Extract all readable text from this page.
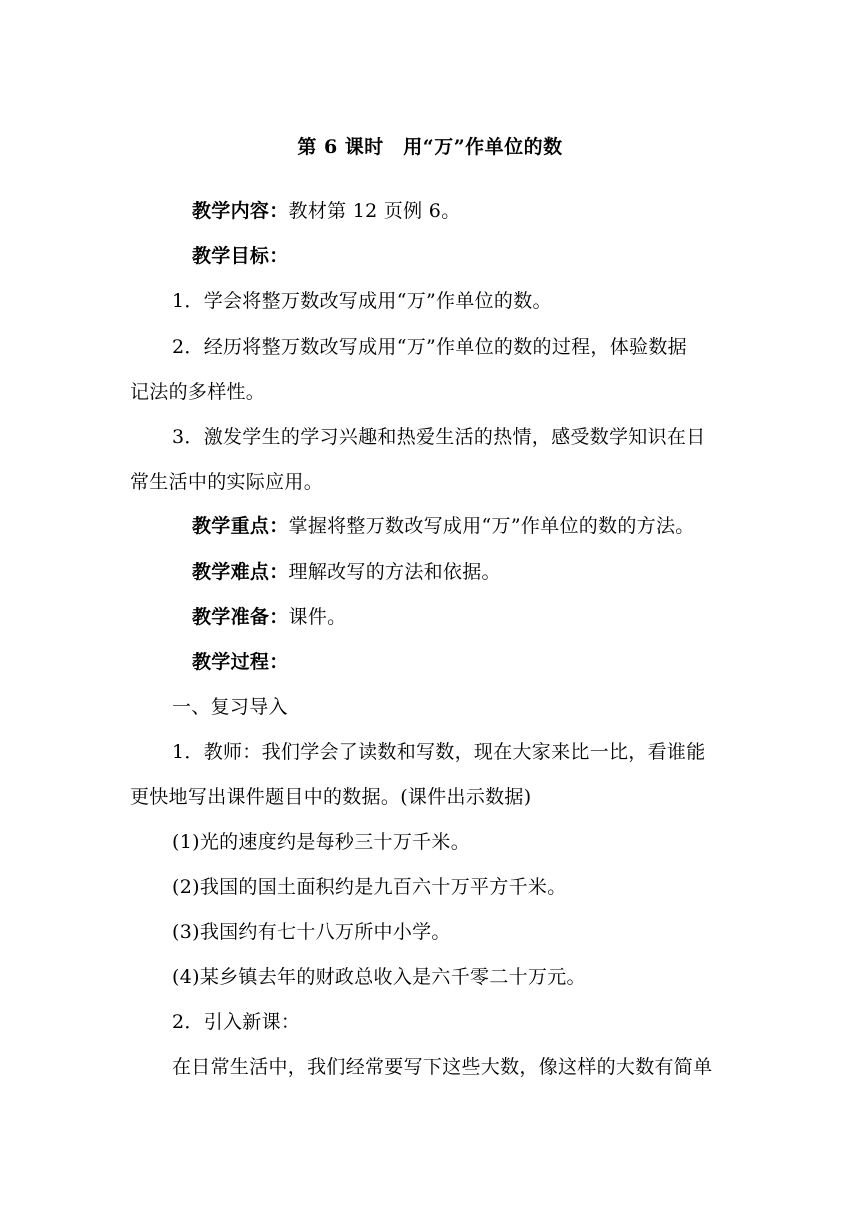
第 6 课时　用“万”作单位的数
教学内容：教材第 12 页例 6。
教学目标：
1．学会将整万数改写成用“万”作单位的数。
2．经历将整万数改写成用“万”作单位的数的过程，体验数据
记法的多样性。
3．激发学生的学习兴趣和热爱生活的热情，感受数学知识在日
常生活中的实际应用。
教学重点：掌握将整万数改写成用“万”作单位的数的方法。
教学难点：理解改写的方法和依据。
教学准备：课件。
教学过程：
一、复习导入
1．教师：我们学会了读数和写数，现在大家来比一比，看谁能
更快地写出课件题目中的数据。(课件出示数据)
(1)光的速度约是每秒三十万千米。
(2)我国的国土面积约是九百六十万平方千米。
(3)我国约有七十八万所中小学。
(4)某乡镇去年的财政总收入是六千零二十万元。
2．引入新课：
在日常生活中，我们经常要写下这些大数，像这样的大数有简单
